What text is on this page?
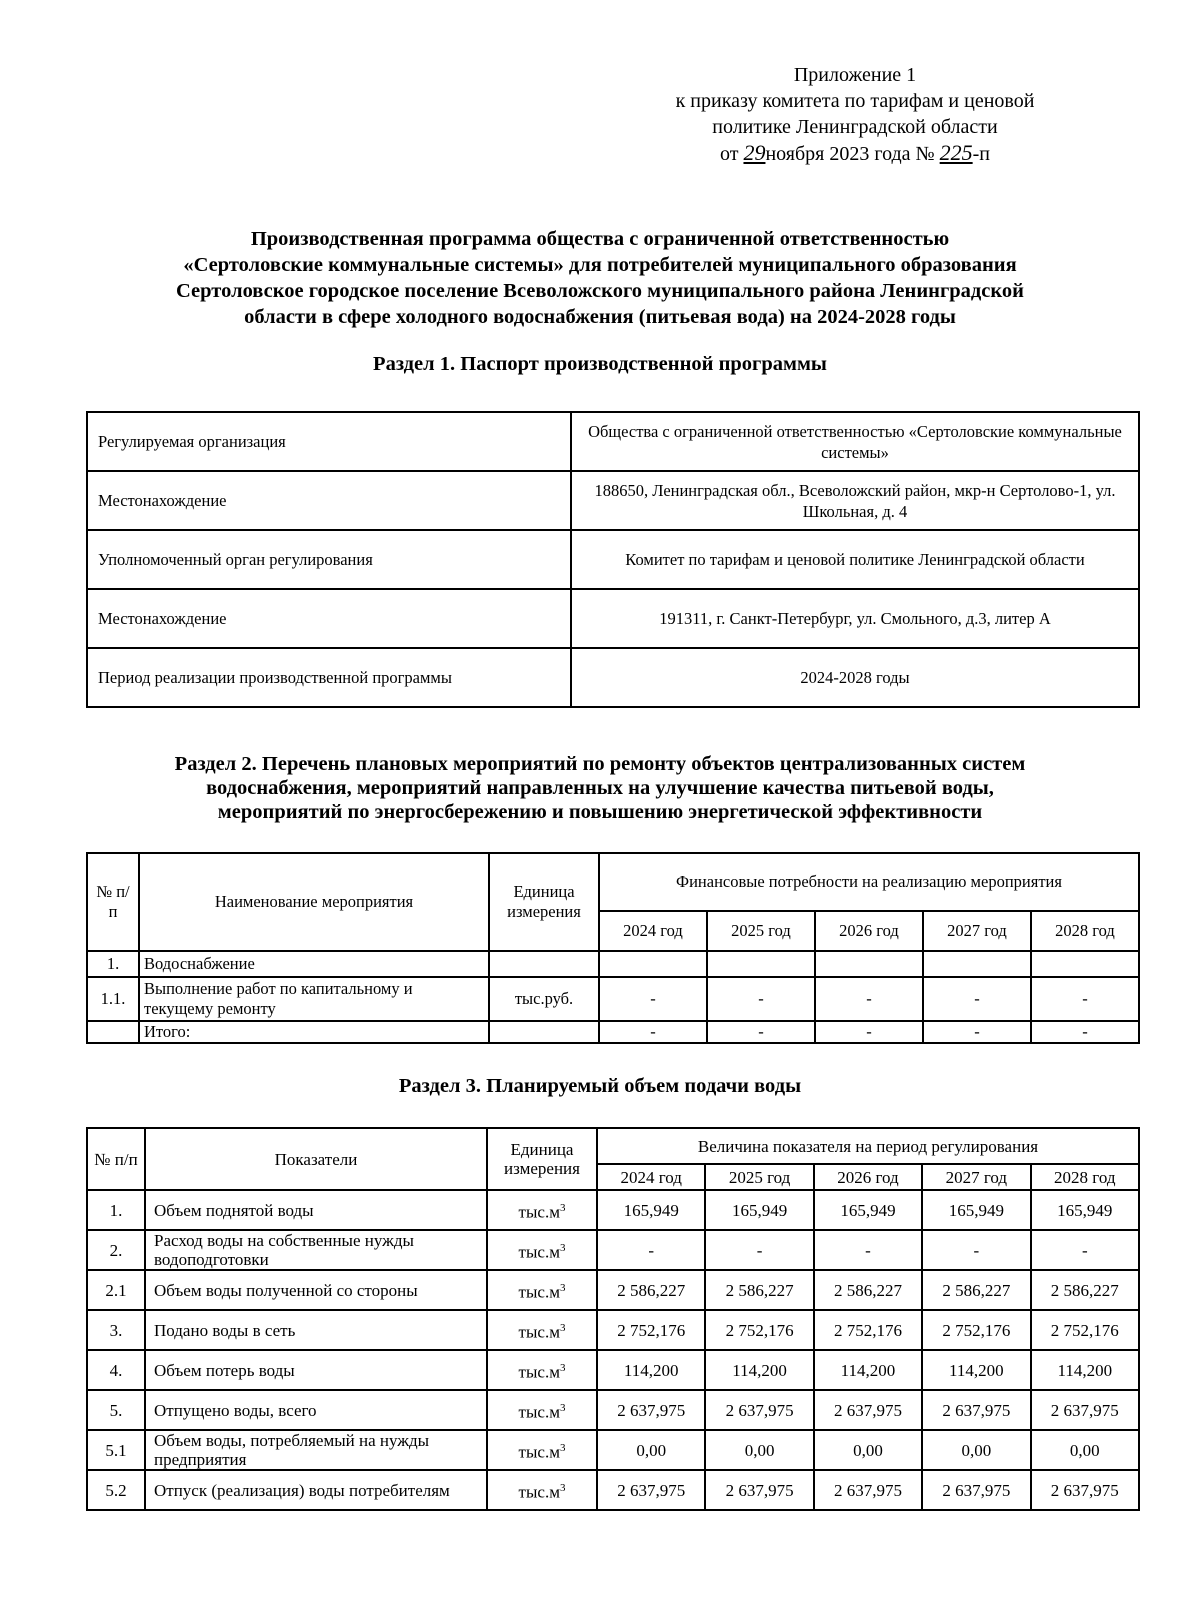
Приложение 1
к приказу комитета по тарифам и ценовой
политике Ленинградской области
от 29ноября 2023 года № 225-п
Производственная программа общества с ограниченной ответственностью
«Сертоловские коммунальные системы» для потребителей муниципального образования
Сертоловское городское поселение Всеволожского муниципального района Ленинградской
области в сфере холодного водоснабжения (питьевая вода) на 2024-2028 годы
Раздел 1. Паспорт производственной программы
Регулируемая организация	Общества с ограниченной ответственностью «Сертоловские коммунальные системы»
Местонахождение	188650, Ленинградская обл., Всеволожский район, мкр-н Сертолово-1, ул. Школьная, д. 4
Уполномоченный орган регулирования	Комитет по тарифам и ценовой политике Ленинградской области
Местонахождение	191311, г. Санкт-Петербург, ул. Смольного, д.3, литер А
Период реализации производственной программы	2024-2028 годы
Раздел 2. Перечень плановых мероприятий по ремонту объектов централизованных систем
водоснабжения, мероприятий направленных на улучшение качества питьевой воды,
мероприятий по энергосбережению и повышению энергетической эффективности
№ п/п	Наименование мероприятия	Единица измерения	Финансовые потребности на реализацию мероприятия				
			2024 год	2025 год	2026 год	2027 год	2028 год
1.	Водоснабжение						
1.1.	Выполнение работ по капитальному и текущему ремонту	тыс.руб.	-	-	-	-	-
	Итого:		-	-	-	-	-
Раздел 3. Планируемый объем подачи воды
№ п/п	Показатели	Единица измерения	Величина показателя на период регулирования				
			2024 год	2025 год	2026 год	2027 год	2028 год
1.	Объем поднятой воды	$тыс.м^3$	165,949	165,949	165,949	165,949	165,949
2.	Расход воды на собственные нужды водоподготовки	$тыс.м^3$	-	-	-	-	-
2.1	Объем воды полученной со стороны	$тыс.м^3$	2 586,227	2 586,227	2 586,227	2 586,227	2 586,227
3.	Подано воды в сеть	$тыс.м^3$	2 752,176	2 752,176	2 752,176	2 752,176	2 752,176
4.	Объем потерь воды	$тыс.м^3$	114,200	114,200	114,200	114,200	114,200
5.	Отпущено воды, всего	$тыс.м^3$	2 637,975	2 637,975	2 637,975	2 637,975	2 637,975
5.1	Объем воды, потребляемый на нужды предприятия	$тыс.м^3$	0,00	0,00	0,00	0,00	0,00
5.2	Отпуск (реализация) воды потребителям	$тыс.м^3$	2 637,975	2 637,975	2 637,975	2 637,975	2 637,975
